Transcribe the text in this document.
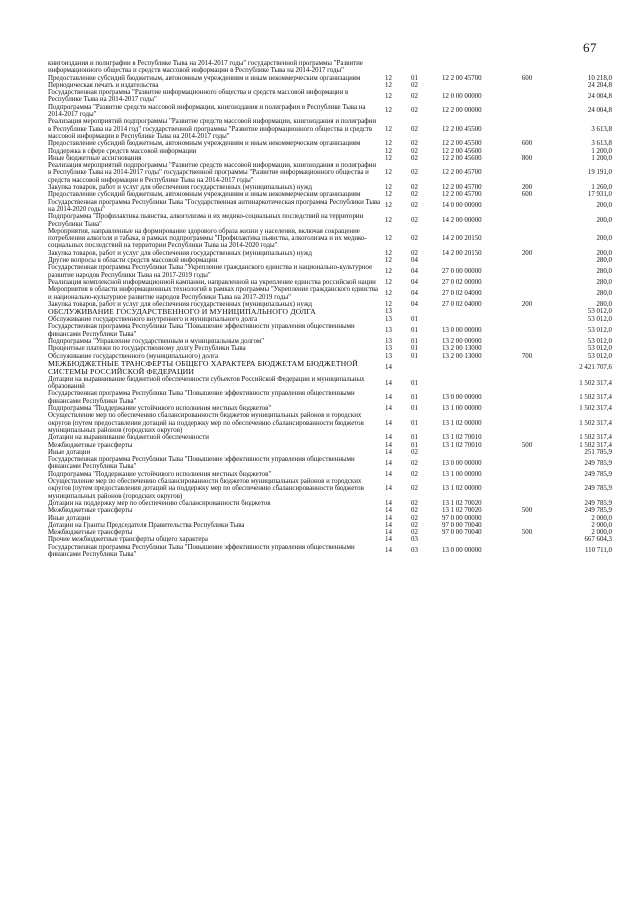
67
книгоиздания и полиграфии в Республике Тыва на 2014-2017 годы" государственной программы "Развитие информационного общества и средств массовой информации в Республике Тыва на 2014-2017 годы"					
Предоставление субсидий бюджетным, автономным учреждениям и иным некоммерческим организациям	12	01	12 2 00 45700	600	10 218,0
Периодическая печать и издательства	12	02			24 204,8
Государственная программа "Развитие информационного общества и средств массовой информации в Республике Тыва на 2014-2017 годы"	12	02	12 0 00 00000		24 004,8
Подпрограмма "Развитие средств массовой информации, книгоиздания и полиграфии в Республике Тыва на 2014-2017 годы"	12	02	12 2 00 00000		24 004,8
Реализация мероприятий подпрограммы "Развитие средств массовой информации, книгоиздания и полиграфии в Республике Тыва на 2014 год" государственной программы "Развитие информационного общества и средств массовой информации в Республике Тыва на 2014-2017 годы"	12	02	12 2 00 45500		3 613,8
Предоставление субсидий бюджетным, автономным учреждениям и иным некоммерческим организациям	12	02	12 2 00 45500	600	3 613,8
Поддержка в сфере средств массовой информации	12	02	12 2 00 45600		1 200,0
Иные бюджетные ассигнования	12	02	12 2 00 45600	800	1 200,0
Реализация мероприятий подпрограммы "Развитие средств массовой информации, книгоиздания и полиграфии в Республике Тыва на 2014-2017 годы" государственной программы "Развитие информационного общества и средств массовой информации в Республике Тыва на 2014-2017 годы"	12	02	12 2 00 45700		19 191,0
Закупка товаров, работ и услуг для обеспечения государственных (муниципальных) нужд	12	02	12 2 00 45700	200	1 260,0
Предоставление субсидий бюджетным, автономным учреждениям и иным некоммерческим организациям	12	02	12 2 00 45700	600	17 931,0
Государственная программа Республики Тыва "Государственная антинаркотическая программа Республики Тыва на 2014-2020 годы"	12	02	14 0 00 00000		200,0
Подпрограмма "Профилактика пьянства, алкоголизма и их медико-социальных последствий на территории Республики Тыва"	12	02	14 2 00 00000		200,0
Мероприятия, направленные на формирование здорового образа жизни у населения, включая сокращение потребления алкоголя и табака, в рамках подпрограммы "Профилактика пьянства, алкоголизма и их медико-социальных последствий на территории Республики Тыва на 2014-2020 годы"	12	02	14 2 00 20150		200,0
Закупка товаров, работ и услуг для обеспечения государственных (муниципальных) нужд	12	02	14 2 00 20150	200	200,0
Другие вопросы в области средств массовой информации	12	04			280,0
Государственная программа Республики Тыва "Укрепление гражданского единства и национально-культурное развитие народов Республики Тыва на 2017-2019 годы"	12	04	27 0 00 00000		280,0
Реализация комплексной информационной кампании, направленной на укрепление единства российской нации	12	04	27 0 02 00000		280,0
Мероприятия в области информационных технологий в рамках программы "Укрепление гражданского единства и национально-культурное развитие народов Республики Тыва на 2017-2019 годы"	12	04	27 0 02 04000		280,0
Закупка товаров, работ и услуг для обеспечения государственных (муниципальных) нужд	12	04	27 0 02 04000	200	280,0
ОБСЛУЖИВАНИЕ ГОСУДАРСТВЕННОГО И МУНИЦИПАЛЬНОГО ДОЛГА	13				53 012,0
Обслуживание государственного внутреннего и муниципального долга	13	01			53 012,0
Государственная программа Республики Тыва "Повышение эффективности управления общественными финансами Республики Тыва"	13	01	13 0 00 00000		53 012,0
Подпрограмма "Управление государственным и муниципальным долгом"	13	01	13 2 00 00000		53 012,0
Процентные платежи по государственному долгу Республики Тыва	13	01	13 2 00 13000		53 012,0
Обслуживание государственного (муниципального) долга	13	01	13 2 00 13000	700	53 012,0
МЕЖБЮДЖЕТНЫЕ ТРАНСФЕРТЫ ОБЩЕГО ХАРАКТЕРА БЮДЖЕТАМ БЮДЖЕТНОЙ СИСТЕМЫ РОССИЙСКОЙ ФЕДЕРАЦИИ	14				2 421 707,6
Дотации на выравнивание бюджетной обеспеченности субъектов Российской Федерации и муниципальных образований	14	01			1 502 317,4
Государственная программа Республики Тыва "Повышение эффективности управления общественными финансами Республики Тыва"	14	01	13 0 00 00000		1 502 317,4
Подпрограмма "Поддержание устойчивого исполнения местных бюджетов"	14	01	13 1 00 00000		1 502 317,4
Осуществление мер по обеспечению сбалансированности бюджетов муниципальных районов и городских округов (путем предоставления дотаций на поддержку мер по обеспечению сбалансированности бюджетов муниципальных районов (городских округов)	14	01	13 1 02 00000		1 502 317,4
Дотации на выравнивание бюджетной обеспеченности	14	01	13 1 02 70010		1 502 317,4
Межбюджетные трансферты	14	01	13 1 02 70010	500	1 502 317,4
Иные дотации	14	02			251 785,9
Государственная программа Республики Тыва "Повышение эффективности управления общественными финансами Республики Тыва"	14	02	13 0 00 00000		249 785,9
Подпрограмма "Поддержание устойчивого исполнения местных бюджетов"	14	02	13 1 00 00000		249 785,9
Осуществление мер по обеспечению сбалансированности бюджетов муниципальных районов и городских округов (путем предоставления дотаций на поддержку мер по обеспечению сбалансированности бюджетов муниципальных районов (городских округов)	14	02	13 1 02 00000		249 785,9
Дотации на поддержку мер по обеспечению сбалансированности бюджетов	14	02	13 1 02 70020		249 785,9
Межбюджетные трансферты	14	02	13 1 02 70020	500	249 785,9
Иные дотации	14	02	97 0 00 00000		2 000,0
Дотации на Гранты Председателя Правительства Республики Тыва	14	02	97 0 00 70040		2 000,0
Межбюджетные трансферты	14	02	97 0 00 70040	500	2 000,0
Прочие межбюджетные трансферты общего характера	14	03			667 604,3
Государственная программа Республики Тыва "Повышение эффективности управления общественными финансами Республики Тыва"	14	03	13 0 00 00000		110 711,0
